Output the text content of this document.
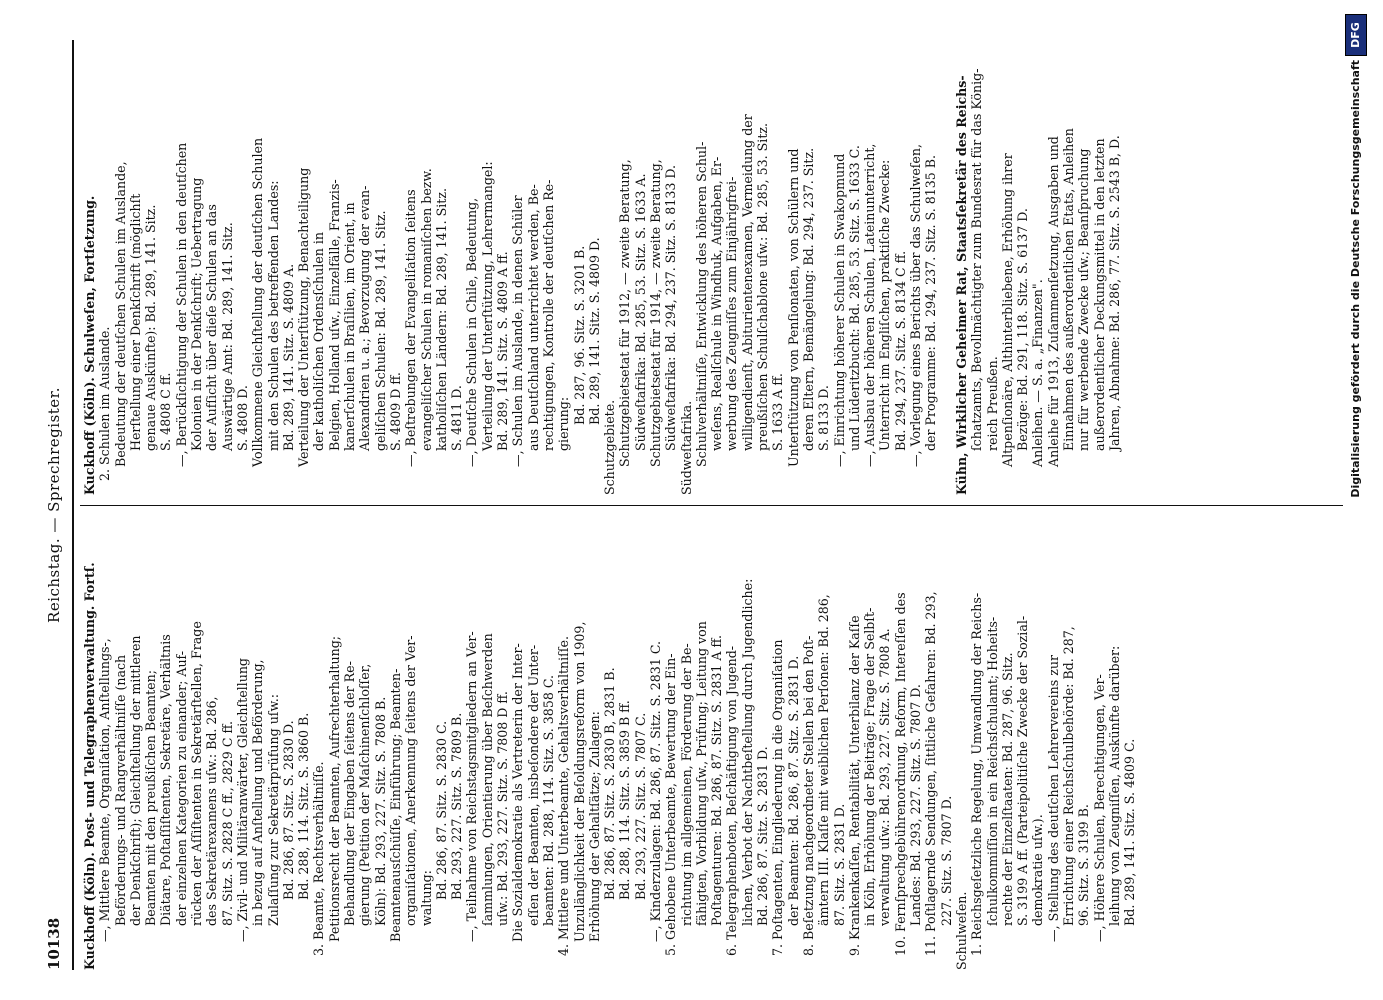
10138
Reichstag. — Sprechregister.
Kuckhoff (Köln). Post- und Telegraphenverwaltung. Fortſ. —, Mittlere Beamte, Organiſation, Anſtellungs-, Beförderungs- und Rangverhältniſſe (nach der Denkſchrift); Gleichſtellung der mittleren Beamten mit den preußiſchen Beamten; Diätare, Poſtaſſiſtenten, Sekretäre, Verhältnis der einzelnen Kategorien zu einander; Auf- rücken der Aſſiſtenten in Sekretärſtellen, Frage des Sekretärexamens uſw.: Bd. 286, 87. Sitz. S. 2828 C ff., 2829 C ff. —, Zivil- und Militäranwärter, Gleichſtellung in bezug auf Anſtellung und Beförderung, Zulaſſung zur Sekretärprüfung uſw.: Bd. 286, 87. Sitz. S. 2830 D. Bd. 288, 114. Sitz. S. 3860 B. 3. Beamte, Rechtsverhältniſſe. Petitionsrecht der Beamten, Aufrechterhaltung; Behandlung der Eingaben ſeitens der Re- gierung (Petition der Maſchinenſchloſſer, Köln): Bd. 293, 227. Sitz. S. 7808 B. Beamtenausſchüſſe, Einführung; Beamten- organiſationen, Anerkennung ſeitens der Ver- waltung: Bd. 286, 87. Sitz. S. 2830 C. Bd. 293, 227. Sitz. S. 7809 B. —, Teilnahme von Reichstagsmitgliedern an Ver- ſammlungen, Orientierung über Beſchwerden uſw.: Bd. 293, 227. Sitz. S. 7808 D ff. Die Sozialdemokratie als Vertreterin der Inter- eſſen der Beamten, insbeſondere der Unter- beamten: Bd. 288, 114. Sitz. S. 3858 C. 4. Mittlere und Unterbeamte, Gehaltsverhältniſſe. Unzulänglichkeit der Beſoldungsreform von 1909, Erhöhung der Gehaltſätze; Zulagen: Bd. 286, 87. Sitz. S. 2830 B, 2831 B. Bd. 288, 114. Sitz. S. 3859 B ff. Bd. 293, 227. Sitz. S. 7807 C. —, Kinderzulagen: Bd. 286, 87. Sitz. S. 2831 C. 5. Gehobene Unterbeamte, Bewertung der Ein- richtung im allgemeinen, Förderung der Be- fähigten, Vorbildung uſw., Prüfung; Leitung von Poſtagenturen: Bd. 286, 87. Sitz. S. 2831 A ff. 6. Telegraphenboten, Beſchäftigung von Jugend- lichen, Verbot der Nachtbeſtellung durch Jugendliche: Bd. 286, 87. Sitz. S. 2831 D. 7. Poſtagenten, Eingliederung in die Organiſation der Beamten: Bd. 286, 87. Sitz. S. 2831 D. 8. Beſetzung nachgeordneter Stellen bei den Poſt- ämtern III. Klaſſe mit weiblichen Perſonen: Bd. 286, 87. Sitz. S. 2831 D. 9. Krankenkaſſen, Rentabilität, Unterbilanz der Kaſſe in Köln, Erhöhung der Beiträge; Frage der Selbſt- verwaltung uſw.: Bd. 293, 227. Sitz. S. 7808 A. 10. Fernſprechgebührenordnung, Reform, Intereſſen des Landes: Bd. 293, 227. Sitz. S. 7807 D. 11. Poſtlagernde Sendungen, ſittliche Gefahren: Bd. 293, 227. Sitz. S. 7807 D.
Schulweſen. 1. Reichsgeſetzliche Regelung, Umwandlung der Reichs- ſchulkommiſſion in ein Reichsſchulamt; Hoheits- rechte der Einzelſtaaten: Bd. 287, 96. Sitz. S. 3199 A ff. (Parteipolitiſche Zwecke der Sozial- demokratie uſw.). —, Stellung des deutſchen Lehrervereins zur Errichtung einer Reichsſchulbehörde: Bd. 287, 96. Sitz. S. 3199 B. —, Höhere Schulen, Berechtigungen, Ver- leihung von Zeugniſſen, Auskünfte darüber: Bd. 289, 141. Sitz. S. 4809 C.
Kuckhoff (Köln). Schulweſen, Fortſetzung. 2. Schulen im Auslande. Bedeutung der deutſchen Schulen im Auslande, Herſtellung einer Denkſchrift (möglichſt genaue Auskünfte): Bd. 289, 141. Sitz. S. 4808 C ff. —, Berückſichtigung der Schulen in den deutſchen Kolonien in der Denkſchrift; Uebertragung der Aufſicht über dieſe Schulen an das Auswärtige Amt: Bd. 289, 141. Sitz. S. 4808 D. Vollkommene Gleichſtellung der deutſchen Schulen mit den Schulen des betreffenden Landes: Bd. 289, 141. Sitz. S. 4809 A. Verteilung der Unterſtützung, Benachteiligung der katholiſchen Ordensſchulen in Belgien, Holland uſw., Einzelfälle, Franzis- kanerſchulen in Braſilien, im Orient, in Alexandrien u. a.; Bevorzugung der evan- geliſchen Schulen: Bd. 289, 141. Sitz. S. 4809 D ff. —, Beſtrebungen der Evangeliſation ſeitens evangeliſcher Schulen in romaniſchen bezw. katholiſchen Ländern: Bd. 289, 141. Sitz. S. 4811 D. —, Deutſche Schulen in Chile, Bedeutung, Verteilung der Unterſtützung, Lehrermangel: Bd. 289, 141. Sitz. S. 4809 A ff. —, Schulen im Auslande, in denen Schüler aus Deutſchland unterrichtet werden, Be- rechtigungen, Kontrolle der deutſchen Re- gierung: Bd. 287, 96. Sitz. S. 3201 B. Bd. 289, 141. Sitz. S. 4809 D.
Schutzgebiete. Schutzgebietsetat für 1912, — zweite Beratung, Südweſtafrika: Bd. 285, 53. Sitz. S. 1633 A. Schutzgebietsetat für 1914, — zweite Beratung, Südweſtafrika: Bd. 294, 237. Sitz. S. 8133 D. Südweſtafrika. Schulverhältniſſe, Entwicklung des höheren Schul- weſens, Realſchule in Windhuk, Aufgaben, Er- werbung des Zeugniſſes zum Einjährigfrei- willigendienſt, Abiturientenexamen, Vermeidung der preußiſchen Schulſchablone uſw.: Bd. 285, 53. Sitz. S. 1633 A ff. Unterſtützung von Penſionaten, von Schülern und deren Eltern, Bemängelung: Bd. 294, 237. Sitz. S. 8133 D. —, Einrichtung höherer Schulen in Swakopmund und Lüderitzbucht: Bd. 285, 53. Sitz. S. 1633 C. —, Ausbau der höheren Schulen, Lateinunterricht, Unterricht im Engliſchen, praktiſche Zwecke: Bd. 294, 237. Sitz. S. 8134 C ff. —, Vorlegung eines Berichts über das Schulweſen, der Programme: Bd. 294, 237. Sitz. S. 8135 B.
Kühn, Wirklicher Geheimer Rat, Staatsſekretär des Reichs- ſchatzamts, Bevollmächtigter zum Bundesrat für das König- reich Preußen. Altpenſionäre, Althinterbliebene, Erhöhung ihrer Bezüge: Bd. 291, 118. Sitz. S. 6137 D. Anleihen. — S. a. „Finanzen". Anleihe für 1913, Zuſammenſetzung, Ausgaben und Einnahmen des außerordentlichen Etats, Anleihen nur für werbende Zwecke uſw.; Beanſpruchung außerordentlicher Deckungsmittel in den letzten Jahren, Abnahme: Bd. 286, 77. Sitz. S. 2543 B, D.	Digitalisierung gefördert durch die Deutsche Forschungsgemeinschaft
DFG
